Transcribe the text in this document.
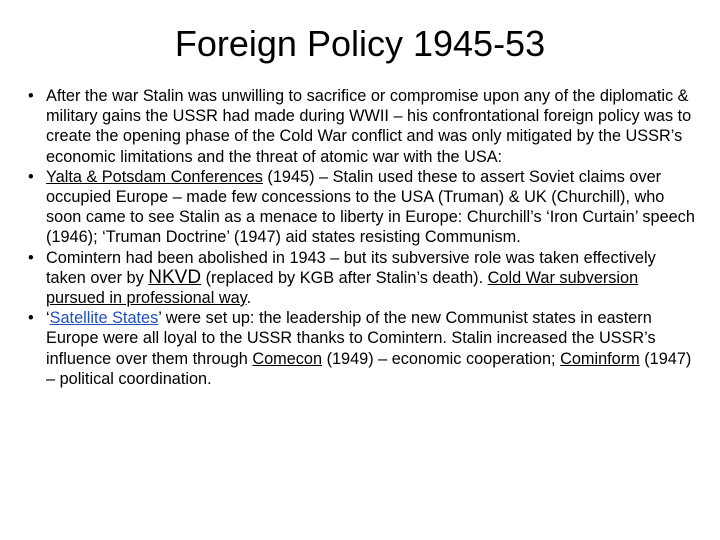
Foreign Policy 1945-53
• After the war Stalin was unwilling to sacrifice or compromise upon any of the diplomatic & military gains the USSR had made during WWII – his confrontational foreign policy was to create the opening phase of the Cold War conflict and was only mitigated by the USSR’s economic limitations and the threat of atomic war with the USA:
• Yalta & Potsdam Conferences (1945) – Stalin used these to assert Soviet claims over occupied Europe – made few concessions to the USA (Truman) & UK (Churchill), who soon came to see Stalin as a menace to liberty in Europe: Churchill’s ‘Iron Curtain’ speech (1946); ‘Truman Doctrine’ (1947) aid states resisting Communism.
• Comintern had been abolished in 1943 – but its subversive role was taken effectively taken over by NKVD (replaced by KGB after Stalin’s death). Cold War subversion pursued in professional way.
• ‘Satellite States’ were set up: the leadership of the new Communist states in eastern Europe were all loyal to the USSR thanks to Comintern. Stalin increased the USSR’s influence over them through Comecon (1949) – economic cooperation; Cominform (1947) – political coordination.
